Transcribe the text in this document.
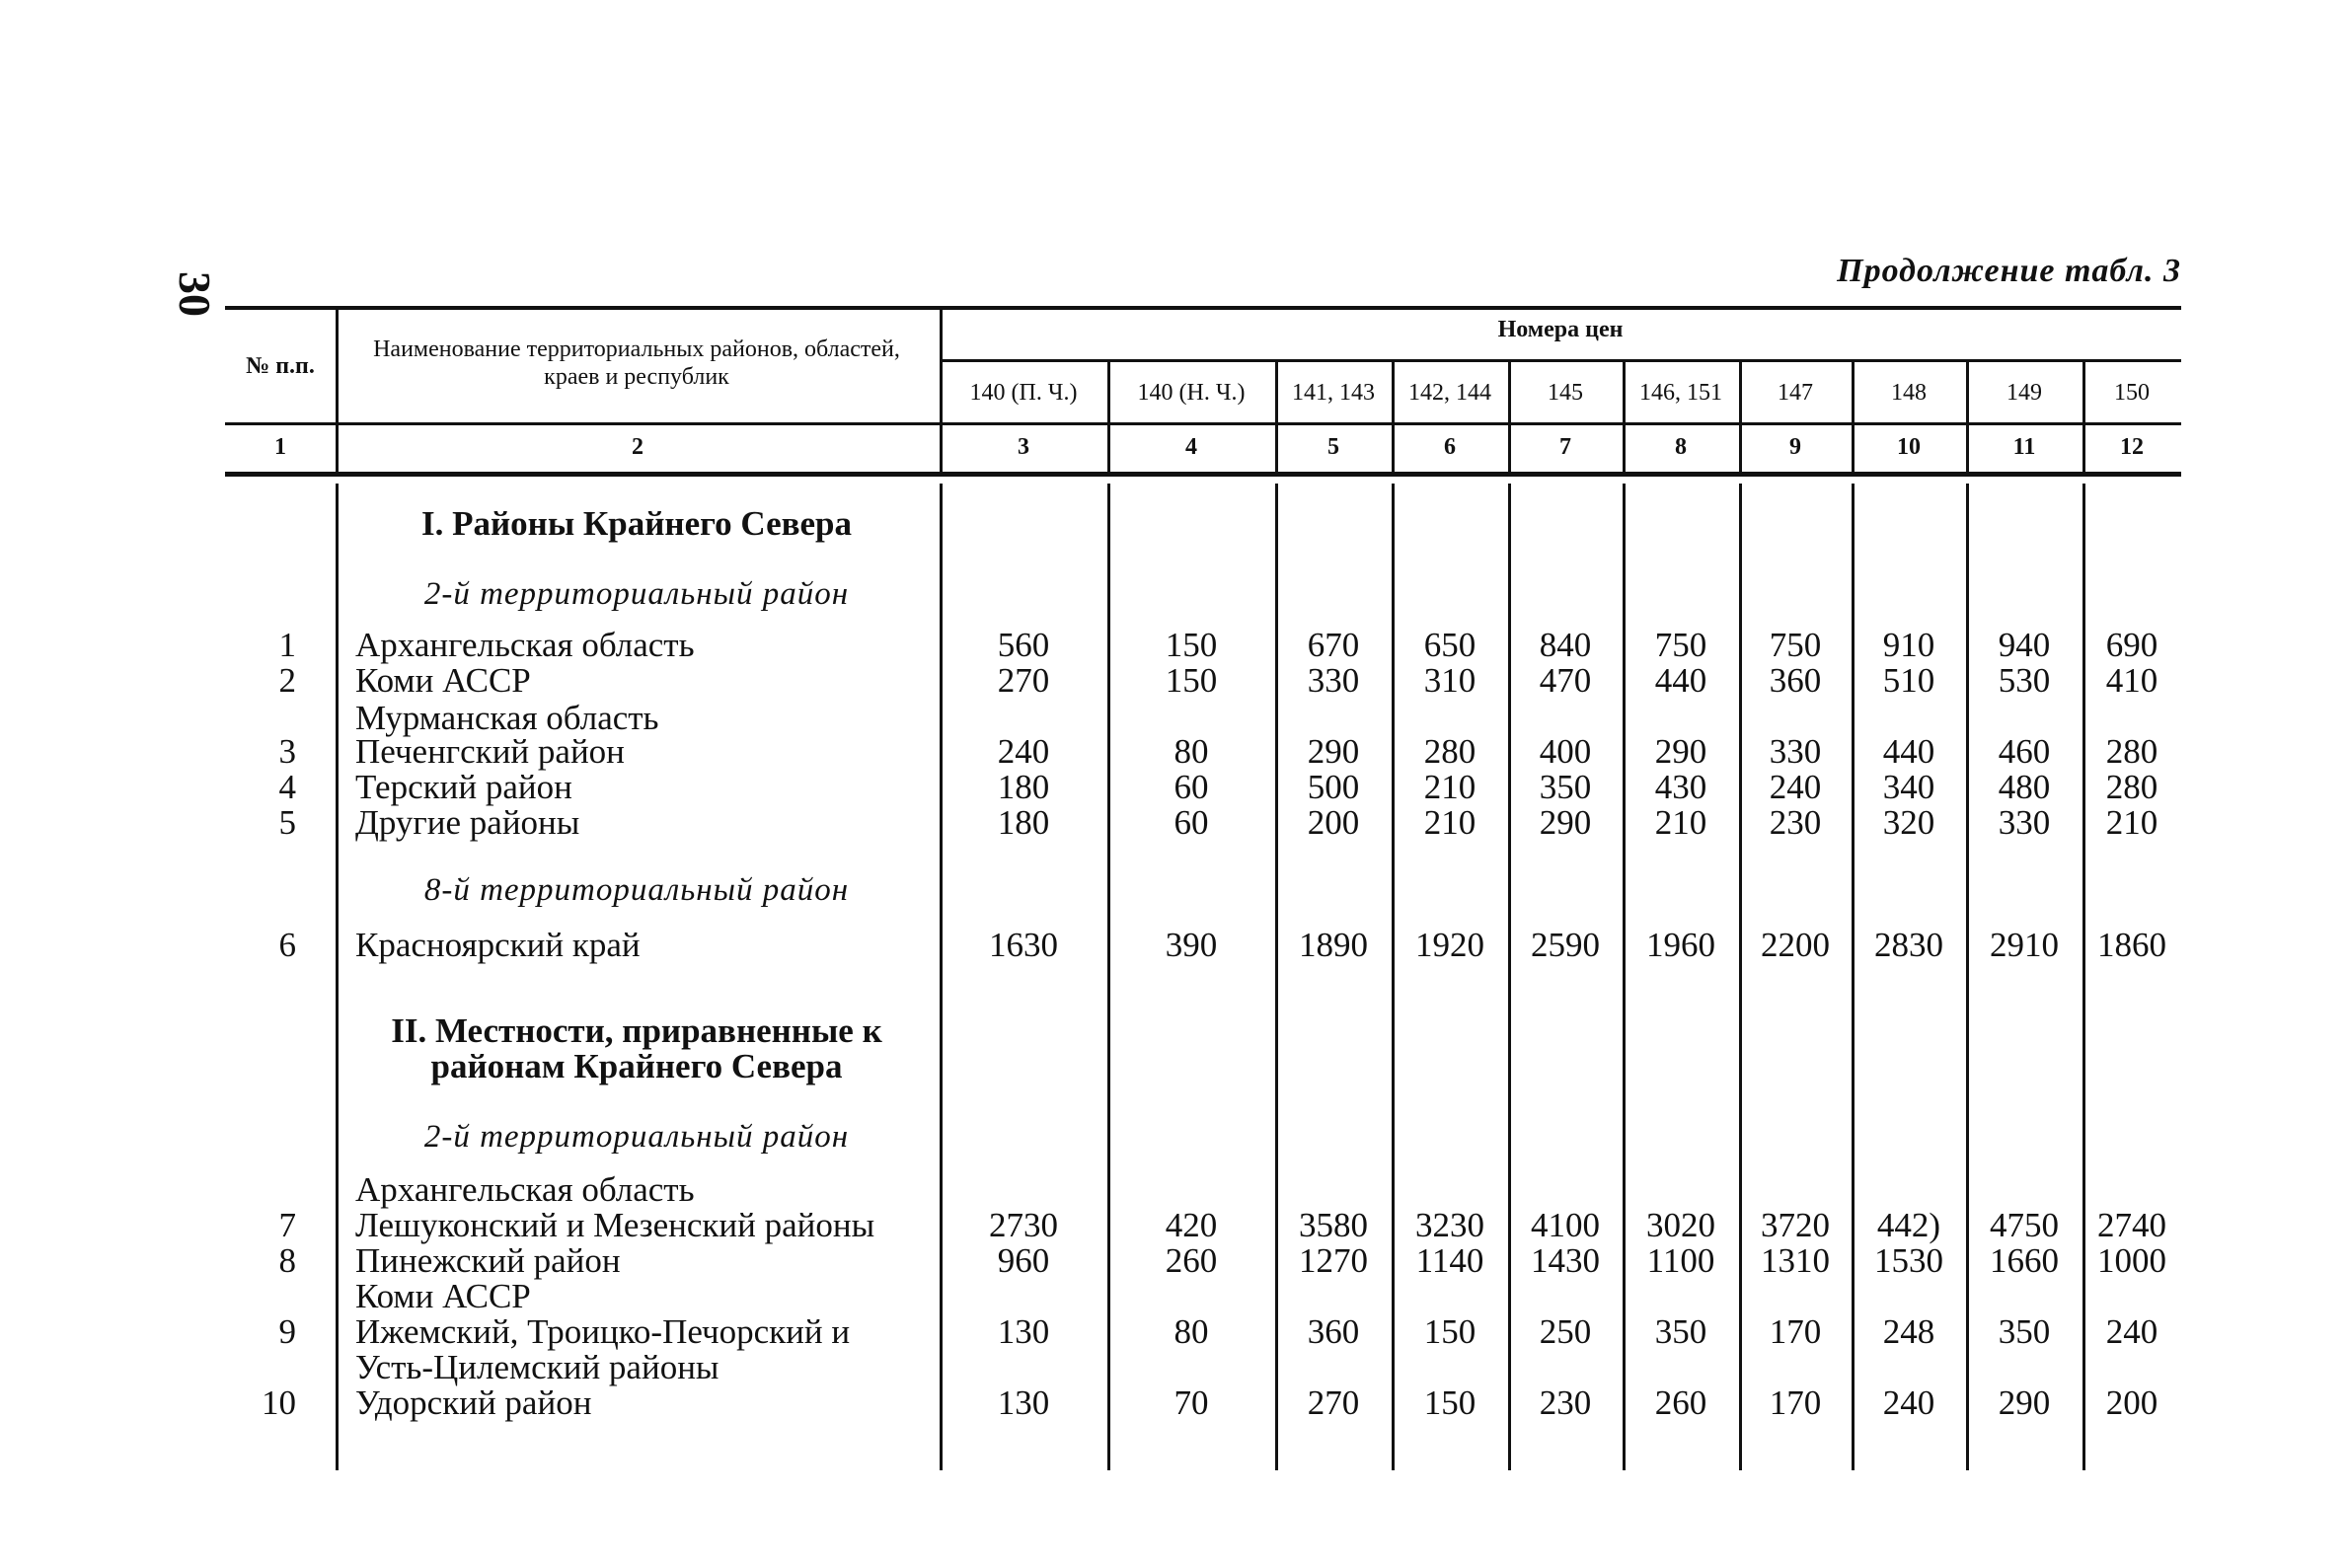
30
Продолжение табл. 3
№ п.п.
Наименование территориальных районов, областей, краев и республик
Номера цен
140 (П. Ч.)	140 (Н. Ч.)	141, 143	142, 144	145	146, 151	147	148	149	150
1	2	3	4	5	6	7	8	9	10	11	12
I. Районы Крайнего Севера
2-й территориальный район
8-й территориальный район
II. Местности, приравненные к
районам Крайнего Севера
2-й территориальный район
Мурманская область
Архангельская область
Коми АССР
Усть-Цилемский районы
1 Архангельская область	560	150	670	650	840	750	750	910	940	690
2 Коми АССР	270	150	330	310	470	440	360	510	530	410
3 Печенгский район	240	80	290	280	400	290	330	440	460	280
4 Терский район	180	60	500	210	350	430	240	340	480	280
5 Другие районы	180	60	200	210	290	210	230	320	330	210
6 Красноярский край	1630	390	1890	1920	2590	1960	2200	2830	2910	1860
7 Лешуконский и Мезенский районы	2730	420	3580	3230	4100	3020	3720	442)	4750	2740
8 Пинежский район	960	260	1270	1140	1430	1100	1310	1530	1660	1000
9 Ижемский, Троицко-Печорский и	130	80	360	150	250	350	170	248	350	240
10 Удорский район	130	70	270	150	230	260	170	240	290	200
